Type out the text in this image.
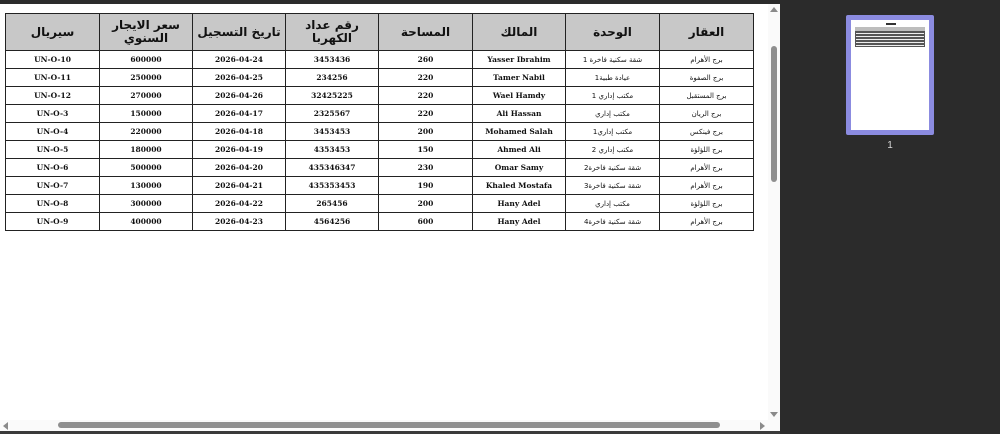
العقار	الوحدة	المالك	المساحة	رقم عداد الكهربا	تاريخ التسجيل	سعر الايجار السنوي	سيريال
برج الأهرام	شقة سكنية فاخرة 1	Yasser Ibrahim	260	3453436	2026-04-24	600000	UN-O-10
برج الصفوة	عيادة طبية1	Tamer Nabil	220	234256	2026-04-25	250000	UN-O-11
برج المستقبل	مكتب إداري 1	Wael Hamdy	220	32425225	2026-04-26	270000	UN-O-12
برج الريان	مكتب إداري	Ali Hassan	220	2325567	2026-04-17	150000	UN-O-3
برج فينكس	مكتب إداري1	Mohamed Salah	200	3453453	2026-04-18	220000	UN-O-4
برج اللؤلؤة	مكتب إداري 2	Ahmed Ali	150	4353453	2026-04-19	180000	UN-O-5
برج الأهرام	شقة سكنية فاخرة2	Omar Samy	230	435346347	2026-04-20	500000	UN-O-6
برج الأهرام	شقة سكنية فاخرة3	Khaled Mostafa	190	435353453	2026-04-21	130000	UN-O-7
برج اللؤلؤة	مكتب إداري	Hany Adel	200	265456	2026-04-22	300000	UN-O-8
برج الأهرام	شقة سكنية فاخرة4	Hany Adel	600	4564256	2026-04-23	400000	UN-O-9
1
